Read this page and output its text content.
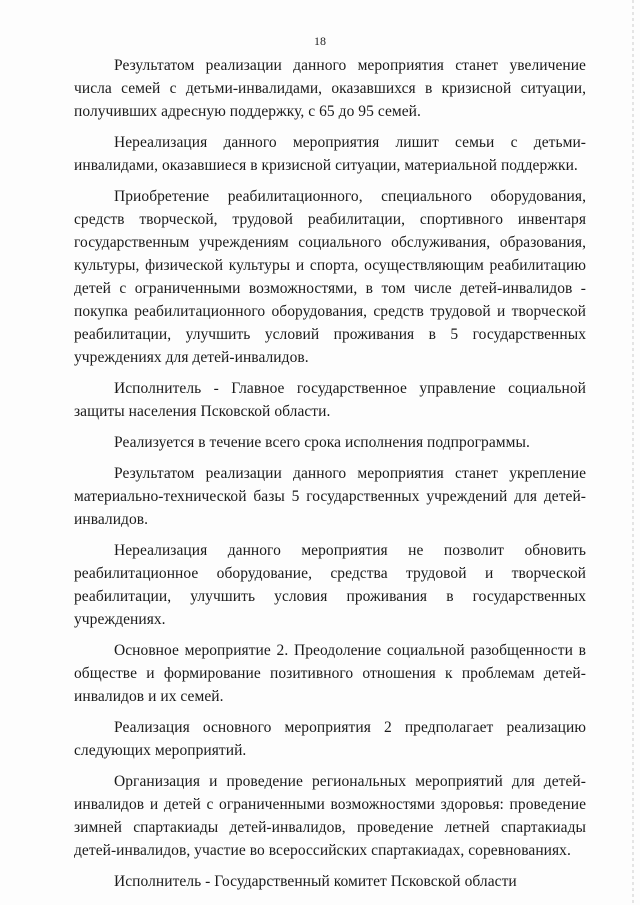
18

Результатом реализации данного мероприятия станет увеличение числа семей с детьми-инвалидами, оказавшихся в кризисной ситуации, получивших адресную поддержку, с 65 до 95 семей.

Нереализация данного мероприятия лишит семьи с детьми-инвалидами, оказавшиеся в кризисной ситуации, материальной поддержки.

Приобретение реабилитационного, специального оборудования, средств творческой, трудовой реабилитации, спортивного инвентаря государственным учреждениям социального обслуживания, образования, культуры, физической культуры и спорта, осуществляющим реабилитацию детей с ограниченными возможностями, в том числе детей-инвалидов - покупка реабилитационного оборудования, средств трудовой и творческой реабилитации, улучшить условий проживания в 5 государственных учреждениях для детей-инвалидов.

Исполнитель - Главное государственное управление социальной защиты населения Псковской области.

Реализуется в течение всего срока исполнения подпрограммы.

Результатом реализации данного мероприятия станет укрепление материально-технической базы 5 государственных учреждений для детей-инвалидов.

Нереализация данного мероприятия не позволит обновить реабилитационное оборудование, средства трудовой и творческой реабилитации, улучшить условия проживания в государственных учреждениях.

Основное мероприятие 2. Преодоление социальной разобщенности в обществе и формирование позитивного отношения к проблемам детей-инвалидов и их семей.

Реализация основного мероприятия 2 предполагает реализацию следующих мероприятий.

Организация и проведение региональных мероприятий для детей-инвалидов и детей с ограниченными возможностями здоровья: проведение зимней спартакиады детей-инвалидов, проведение летней спартакиады детей-инвалидов, участие во всероссийских спартакиадах, соревнованиях.

Исполнитель - Государственный комитет Псковской области
